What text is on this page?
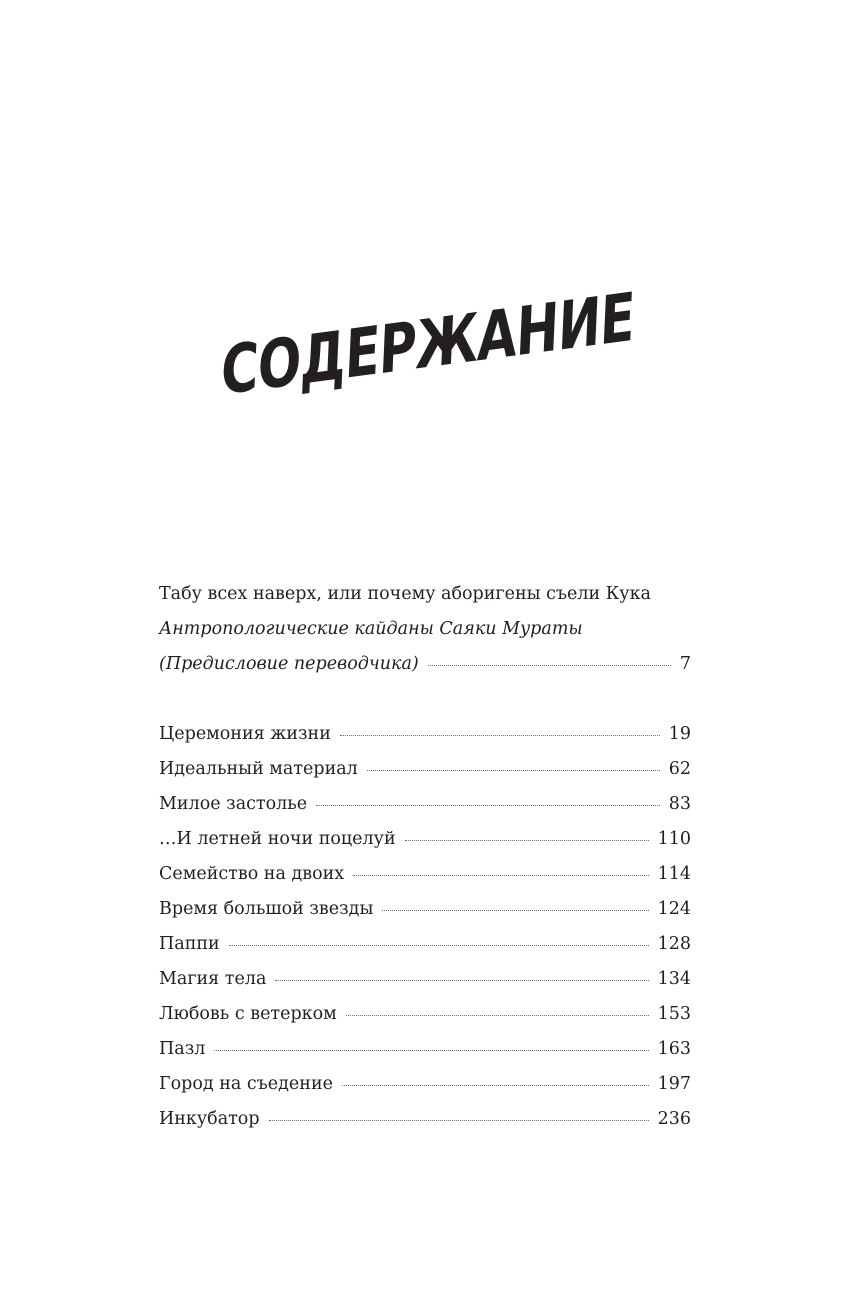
СОДЕРЖАНИЕ
Табу всех наверх, или почему аборигены съели Кука
Антропологические кайданы Саяки Мураты
(Предисловие переводчика)	7
Церемония жизни	19
Идеальный материал	62
Милое застолье	83
…И летней ночи поцелуй	110
Семейство на двоих	114
Время большой звезды	124
Паппи	128
Магия тела	134
Любовь с ветерком	153
Пазл	163
Город на съедение	197
Инкубатор	236
